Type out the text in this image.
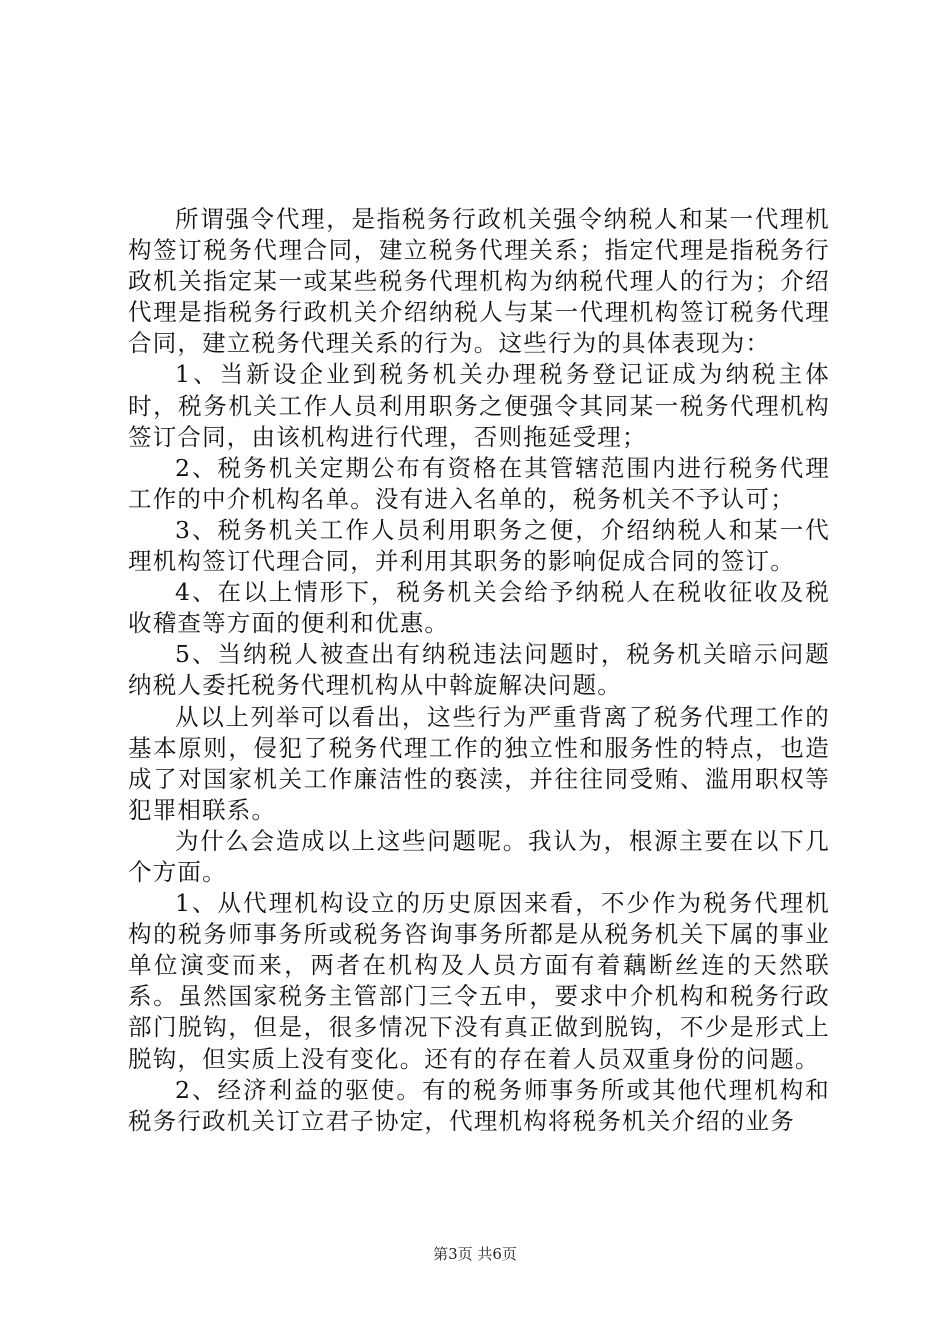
所谓强令代理，是指税务行政机关强令纳税人和某一代理机构签订税务代理合同，建立税务代理关系；指定代理是指税务行政机关指定某一或某些税务代理机构为纳税代理人的行为；介绍代理是指税务行政机关介绍纳税人与某一代理机构签订税务代理合同，建立税务代理关系的行为。这些行为的具体表现为：

1、当新设企业到税务机关办理税务登记证成为纳税主体时，税务机关工作人员利用职务之便强令其同某一税务代理机构签订合同，由该机构进行代理，否则拖延受理；

2、税务机关定期公布有资格在其管辖范围内进行税务代理工作的中介机构名单。没有进入名单的，税务机关不予认可；

3、税务机关工作人员利用职务之便，介绍纳税人和某一代理机构签订代理合同，并利用其职务的影响促成合同的签订。

4、在以上情形下，税务机关会给予纳税人在税收征收及税收稽查等方面的便利和优惠。

5、当纳税人被查出有纳税违法问题时，税务机关暗示问题纳税人委托税务代理机构从中斡旋解决问题。

从以上列举可以看出，这些行为严重背离了税务代理工作的基本原则，侵犯了税务代理工作的独立性和服务性的特点，也造成了对国家机关工作廉洁性的亵渎，并往往同受贿、滥用职权等犯罪相联系。

为什么会造成以上这些问题呢。我认为，根源主要在以下几个方面。

1、从代理机构设立的历史原因来看，不少作为税务代理机构的税务师事务所或税务咨询事务所都是从税务机关下属的事业单位演变而来，两者在机构及人员方面有着藕断丝连的天然联系。虽然国家税务主管部门三令五申，要求中介机构和税务行政部门脱钩，但是，很多情况下没有真正做到脱钩，不少是形式上脱钩，但实质上没有变化。还有的存在着人员双重身份的问题。

2、经济利益的驱使。有的税务师事务所或其他代理机构和税务行政机关订立君子协定，代理机构将税务机关介绍的业务

第3页 共6页
